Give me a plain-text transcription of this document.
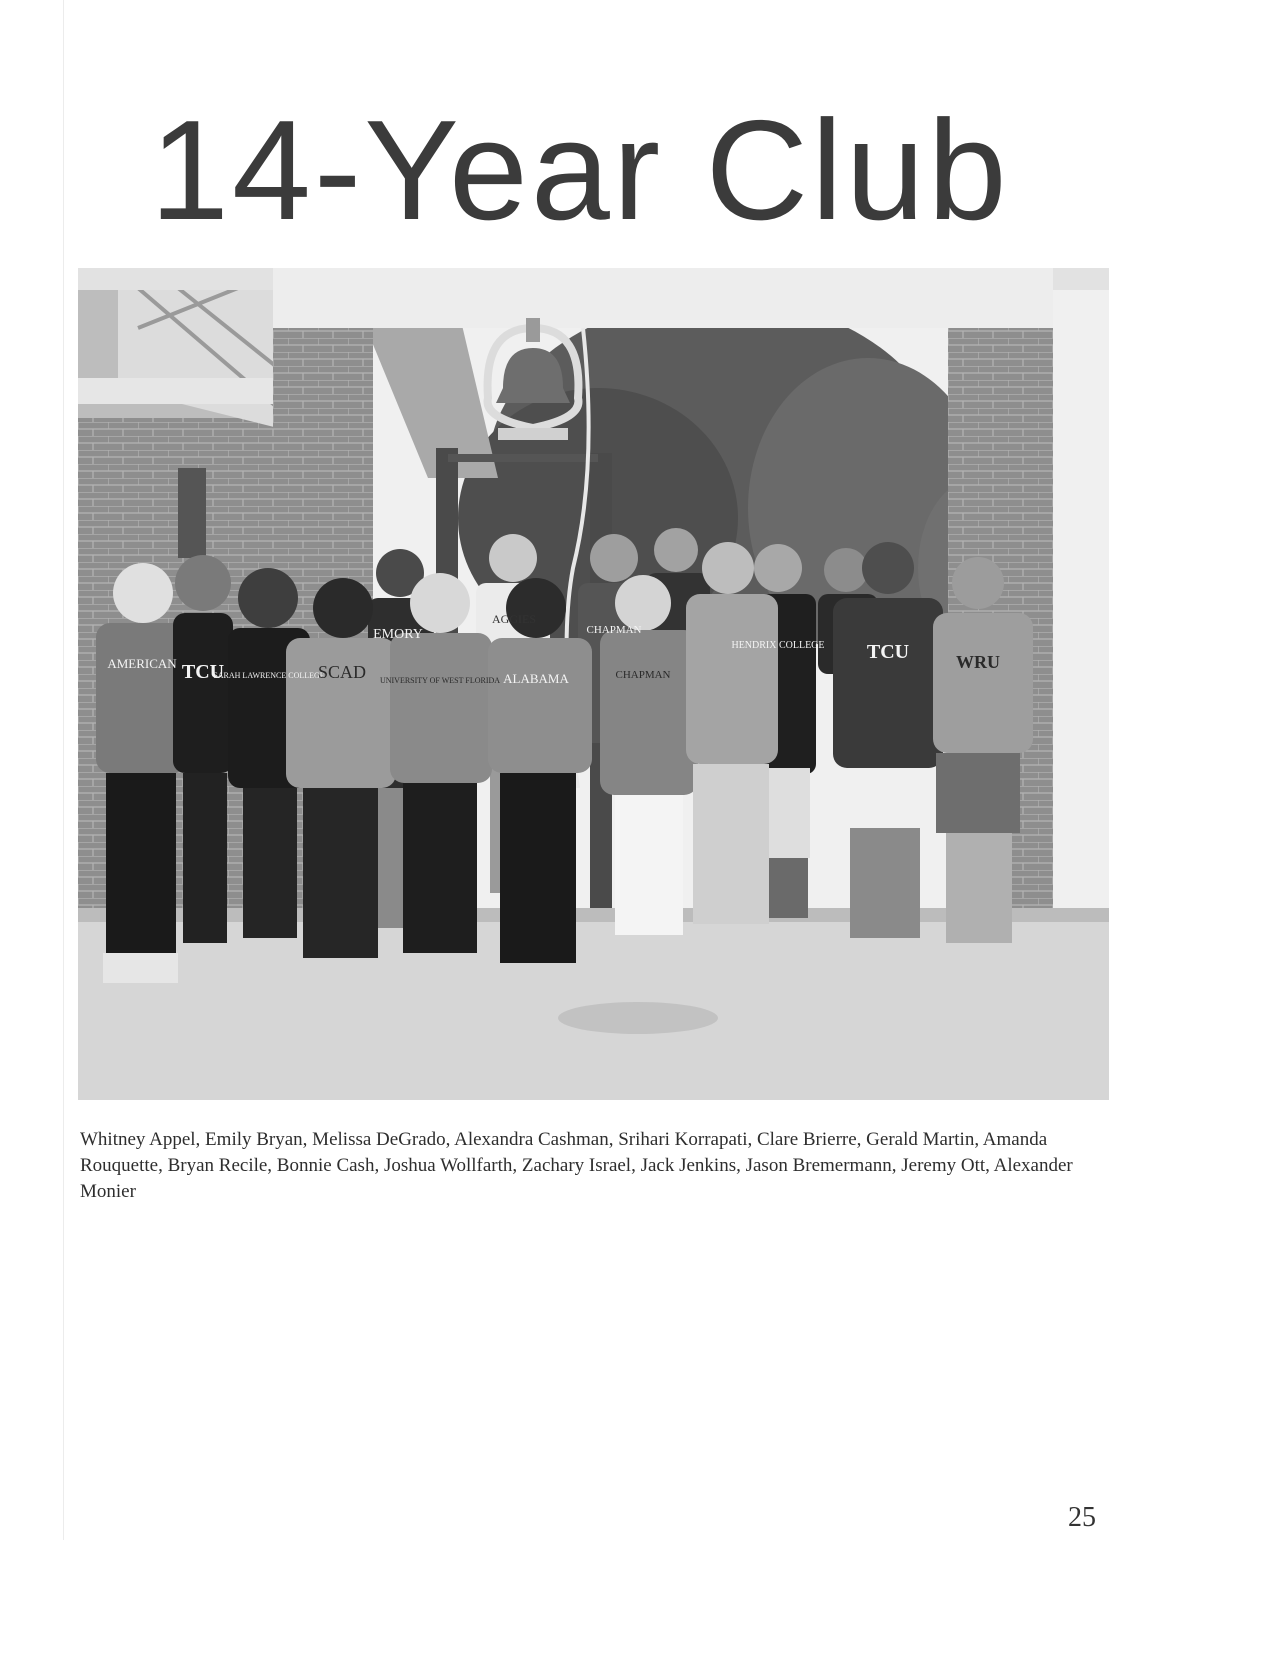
14-Year Club
AMERICAN TCU
SARAH LAWRENCE COLLEGE
SCAD
EMORY
UNIVERSITY OF WEST FLORIDA
AGGIES
ALABAMA
CHAPMAN
CHAPMAN
HENDRIX COLLEGE TCU	WRU

Whitney Appel, Emily Bryan, Melissa DeGrado, Alexandra Cashman, Srihari Korrapati, Clare Brierre, Gerald Martin, Amanda Rouquette, Bryan Recile, Bonnie Cash, Joshua Wollfarth, Zachary Israel, Jack Jenkins, Jason Bremermann, Jeremy Ott, Alexander Monier

25
